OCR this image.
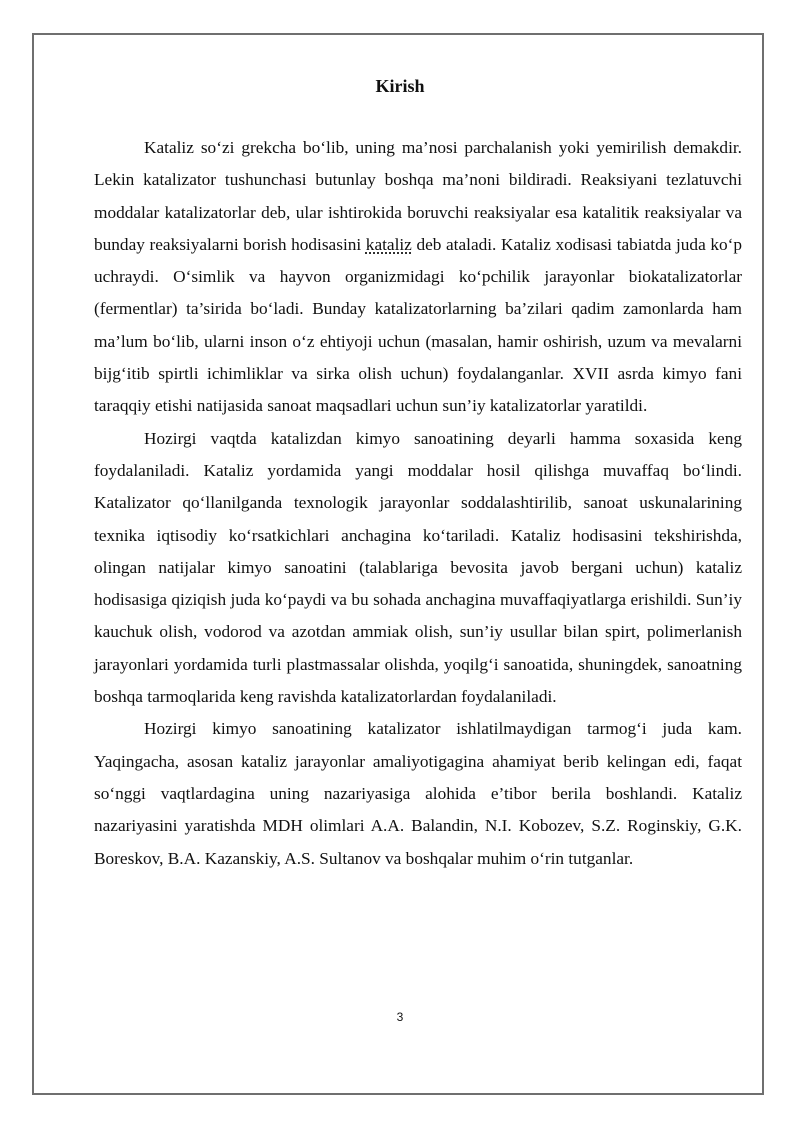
Kirish

Kataliz so‘zi grekcha bo‘lib, uning ma’nosi parchalanish yoki yemirilish demakdir. Lekin katalizator tushunchasi butunlay boshqa ma’noni bildiradi. Reaksiyani tezlatuvchi moddalar katalizatorlar deb, ular ishtirokida boruvchi reaksiyalar esa katalitik reaksiyalar va bunday reaksiyalarni borish hodisasini kataliz deb ataladi. Kataliz xodisasi tabiatda juda ko‘p uchraydi. O‘simlik va hayvon organizmidagi ko‘pchilik jarayonlar biokatalizatorlar (fermentlar) ta’sirida bo‘ladi. Bunday katalizatorlarning ba’zilari qadim zamonlarda ham ma’lum bo‘lib, ularni inson o‘z ehtiyoji uchun (masalan, hamir oshirish, uzum va mevalarni bijg‘itib spirtli ichimliklar va sirka olish uchun) foydalanganlar. XVII asrda kimyo fani taraqqiy etishi natijasida sanoat maqsadlari uchun sun’iy katalizatorlar yaratildi.

Hozirgi vaqtda katalizdan kimyo sanoatining deyarli hamma soxasida keng foydalaniladi. Kataliz yordamida yangi moddalar hosil qilishga muvaffaq bo‘lindi. Katalizator qo‘llanilganda texnologik jarayonlar soddalashtirilib, sanoat uskunalarining texnika iqtisodiy ko‘rsatkichlari anchagina ko‘tariladi. Kataliz hodisasini tekshirishda, olingan natijalar kimyo sanoatini (talablariga bevosita javob bergani uchun) kataliz hodisasiga qiziqish juda ko‘paydi va bu sohada anchagina muvaffaqiyatlarga erishildi. Sun’iy kauchuk olish, vodorod va azotdan ammiak olish, sun’iy usullar bilan spirt, polimerlanish jarayonlari yordamida turli plastmassalar olishda, yoqilg‘i sanoatida, shuningdek, sanoatning boshqa tarmoqlarida keng ravishda katalizatorlardan foydalaniladi.

Hozirgi kimyo sanoatining katalizator ishlatilmaydigan tarmog‘i juda kam. Yaqingacha, asosan kataliz jarayonlar amaliyotigagina ahamiyat berib kelingan edi, faqat so‘nggi vaqtlardagina uning nazariyasiga alohida e’tibor berila boshlandi. Kataliz nazariyasini yaratishda MDH olimlari A.A. Balandin, N.I. Kobozev, S.Z. Roginskiy, G.K. Boreskov, B.A. Kazanskiy, A.S. Sultanov va boshqalar muhim o‘rin tutganlar.

3
